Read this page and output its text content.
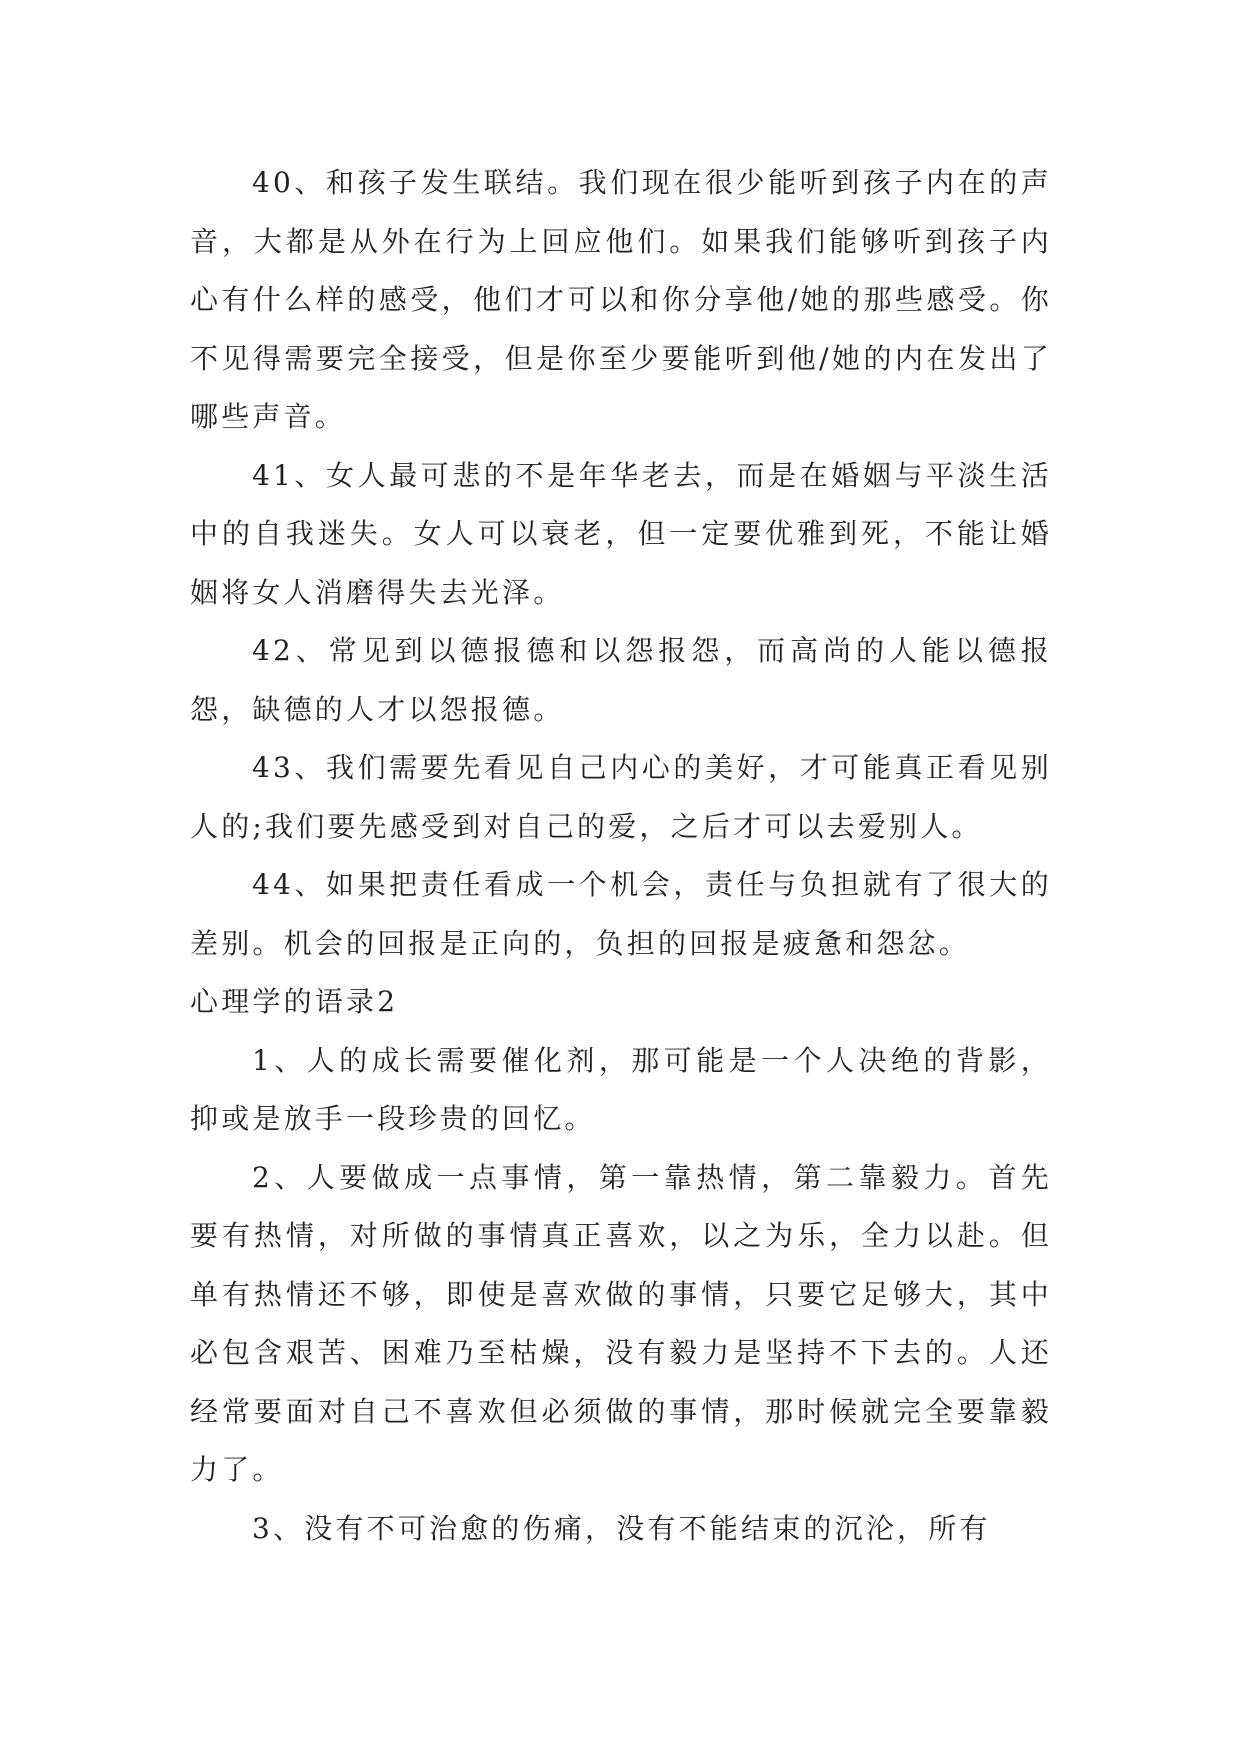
40、和孩子发生联结。我们现在很少能听到孩子内在的声音，大都是从外在行为上回应他们。如果我们能够听到孩子内心有什么样的感受，他们才可以和你分享他/她的那些感受。你不见得需要完全接受，但是你至少要能听到他/她的内在发出了哪些声音。

41、女人最可悲的不是年华老去，而是在婚姻与平淡生活中的自我迷失。女人可以衰老，但一定要优雅到死，不能让婚姻将女人消磨得失去光泽。

42、常见到以德报德和以怨报怨，而高尚的人能以德报怨，缺德的人才以怨报德。

43、我们需要先看见自己内心的美好，才可能真正看见别人的;我们要先感受到对自己的爱，之后才可以去爱别人。

44、如果把责任看成一个机会，责任与负担就有了很大的差别。机会的回报是正向的，负担的回报是疲惫和怨忿。

心理学的语录2

1、人的成长需要催化剂，那可能是一个人决绝的背影，抑或是放手一段珍贵的回忆。

2、人要做成一点事情，第一靠热情，第二靠毅力。首先要有热情，对所做的事情真正喜欢，以之为乐，全力以赴。但单有热情还不够，即使是喜欢做的事情，只要它足够大，其中必包含艰苦、困难乃至枯燥，没有毅力是坚持不下去的。人还经常要面对自己不喜欢但必须做的事情，那时候就完全要靠毅力了。

3、没有不可治愈的伤痛，没有不能结束的沉沦，所有
